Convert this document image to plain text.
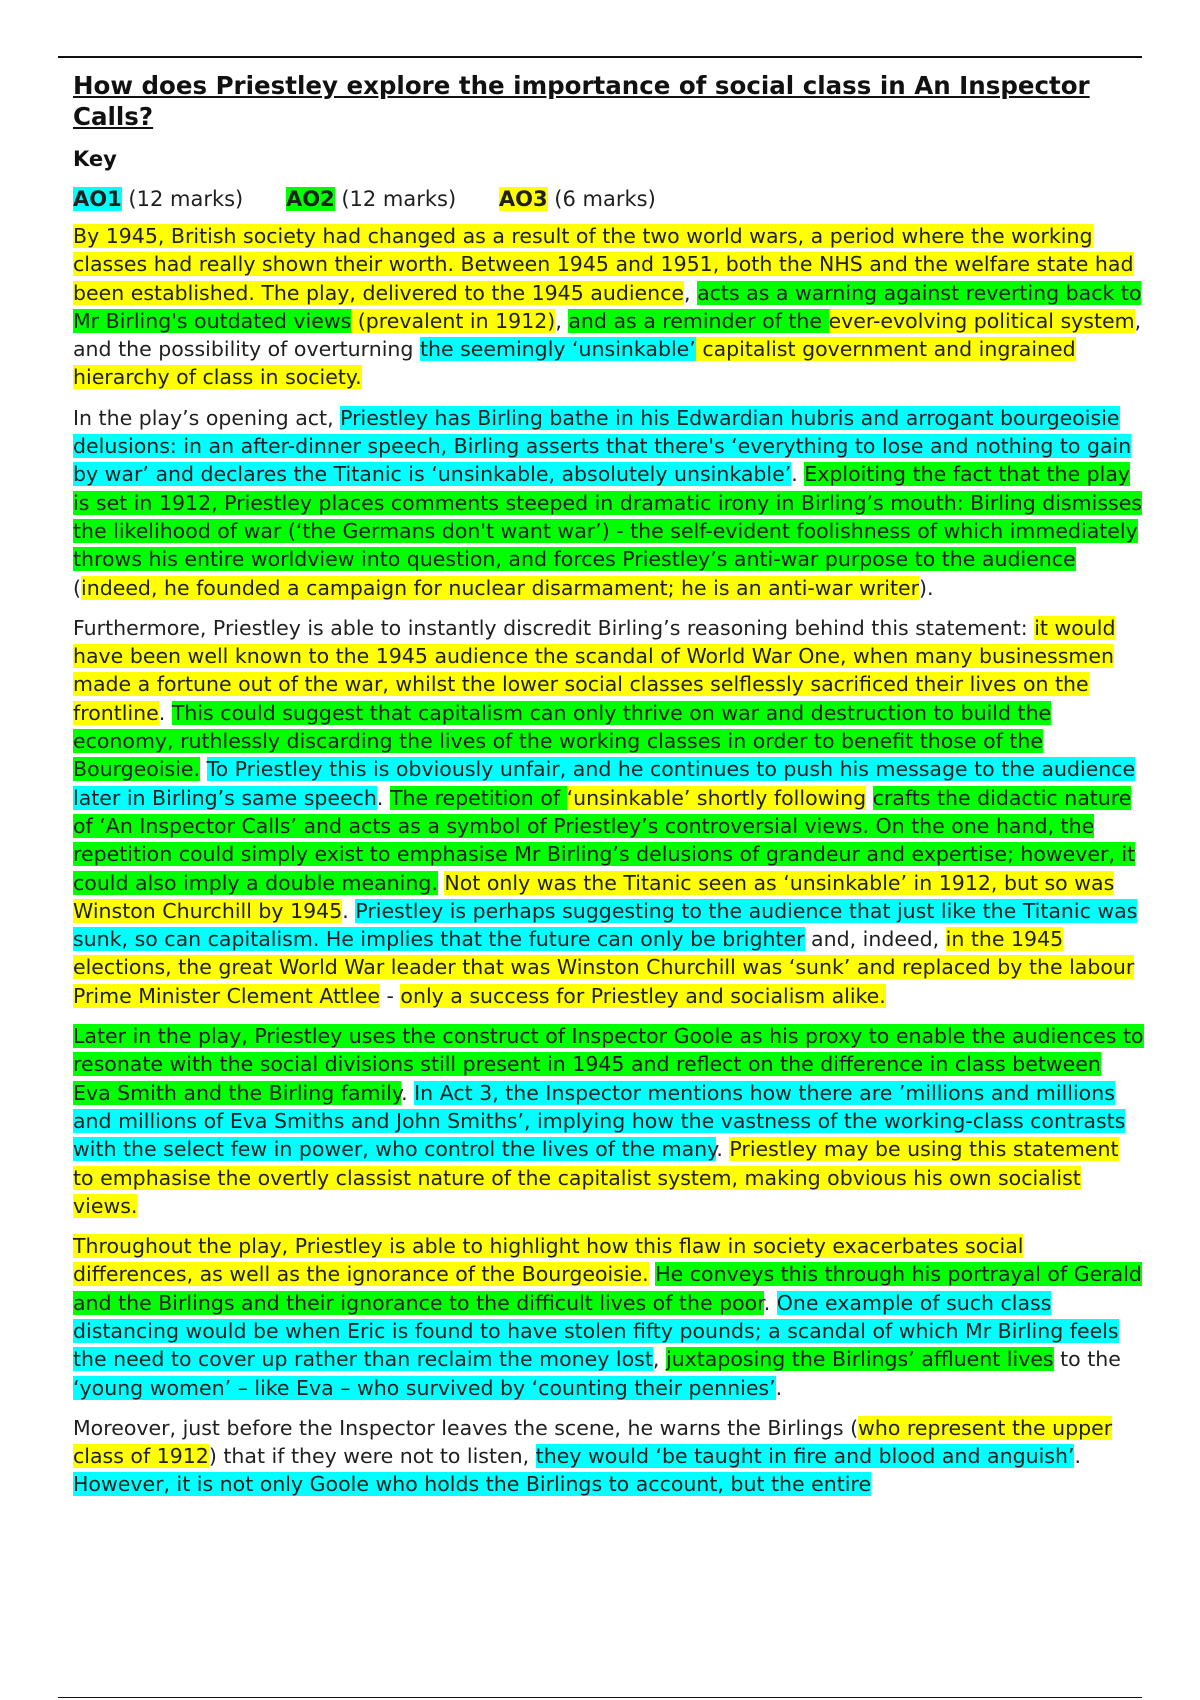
How does Priestley explore the importance of social class in An Inspector Calls?
Key
AO1 (12 marks) AO2 (12 marks) AO3 (6 marks)

By 1945, British society had changed as a result of the two world wars, a period where the working classes had really shown their worth. Between 1945 and 1951, both the NHS and the welfare state had been established. The play, delivered to the 1945 audience, acts as a warning against reverting back to Mr Birling's outdated views (prevalent in 1912), and as a reminder of the ever-evolving political system, and the possibility of overturning the seemingly ‘unsinkable’ capitalist government and ingrained hierarchy of class in society.

In the play’s opening act, Priestley has Birling bathe in his Edwardian hubris and arrogant bourgeoisie delusions: in an after-dinner speech, Birling asserts that there's ‘everything to lose and nothing to gain by war’ and declares the Titanic is ‘unsinkable, absolutely unsinkable’. Exploiting the fact that the play is set in 1912, Priestley places comments steeped in dramatic irony in Birling’s mouth: Birling dismisses the likelihood of war (‘the Germans don't want war’) - the self-evident foolishness of which immediately throws his entire worldview into question, and forces Priestley’s anti-war purpose to the audience (indeed, he founded a campaign for nuclear disarmament; he is an anti-war writer).

Furthermore, Priestley is able to instantly discredit Birling’s reasoning behind this statement: it would have been well known to the 1945 audience the scandal of World War One, when many businessmen made a fortune out of the war, whilst the lower social classes selflessly sacrificed their lives on the frontline. This could suggest that capitalism can only thrive on war and destruction to build the economy, ruthlessly discarding the lives of the working classes in order to benefit those of the Bourgeoisie. To Priestley this is obviously unfair, and he continues to push his message to the audience later in Birling’s same speech. The repetition of ‘unsinkable’ shortly following crafts the didactic nature of ‘An Inspector Calls’ and acts as a symbol of Priestley’s controversial views. On the one hand, the repetition could simply exist to emphasise Mr Birling’s delusions of grandeur and expertise; however, it could also imply a double meaning. Not only was the Titanic seen as ‘unsinkable’ in 1912, but so was Winston Churchill by 1945. Priestley is perhaps suggesting to the audience that just like the Titanic was sunk, so can capitalism. He implies that the future can only be brighter and, indeed, in the 1945 elections, the great World War leader that was Winston Churchill was ‘sunk’ and replaced by the labour Prime Minister Clement Attlee - only a success for Priestley and socialism alike.

Later in the play, Priestley uses the construct of Inspector Goole as his proxy to enable the audiences to resonate with the social divisions still present in 1945 and reflect on the difference in class between Eva Smith and the Birling family. In Act 3, the Inspector mentions how there are ’millions and millions and millions of Eva Smiths and John Smiths’, implying how the vastness of the working-class contrasts with the select few in power, who control the lives of the many. Priestley may be using this statement to emphasise the overtly classist nature of the capitalist system, making obvious his own socialist views.

Throughout the play, Priestley is able to highlight how this flaw in society exacerbates social differences, as well as the ignorance of the Bourgeoisie. He conveys this through his portrayal of Gerald and the Birlings and their ignorance to the difficult lives of the poor. One example of such class distancing would be when Eric is found to have stolen fifty pounds; a scandal of which Mr Birling feels the need to cover up rather than reclaim the money lost, juxtaposing the Birlings’ affluent lives to the ‘young women’ – like Eva – who survived by ‘counting their pennies’.

Moreover, just before the Inspector leaves the scene, he warns the Birlings (who represent the upper class of 1912) that if they were not to listen, they would ‘be taught in fire and blood and anguish’. However, it is not only Goole who holds the Birlings to account, but the entire
